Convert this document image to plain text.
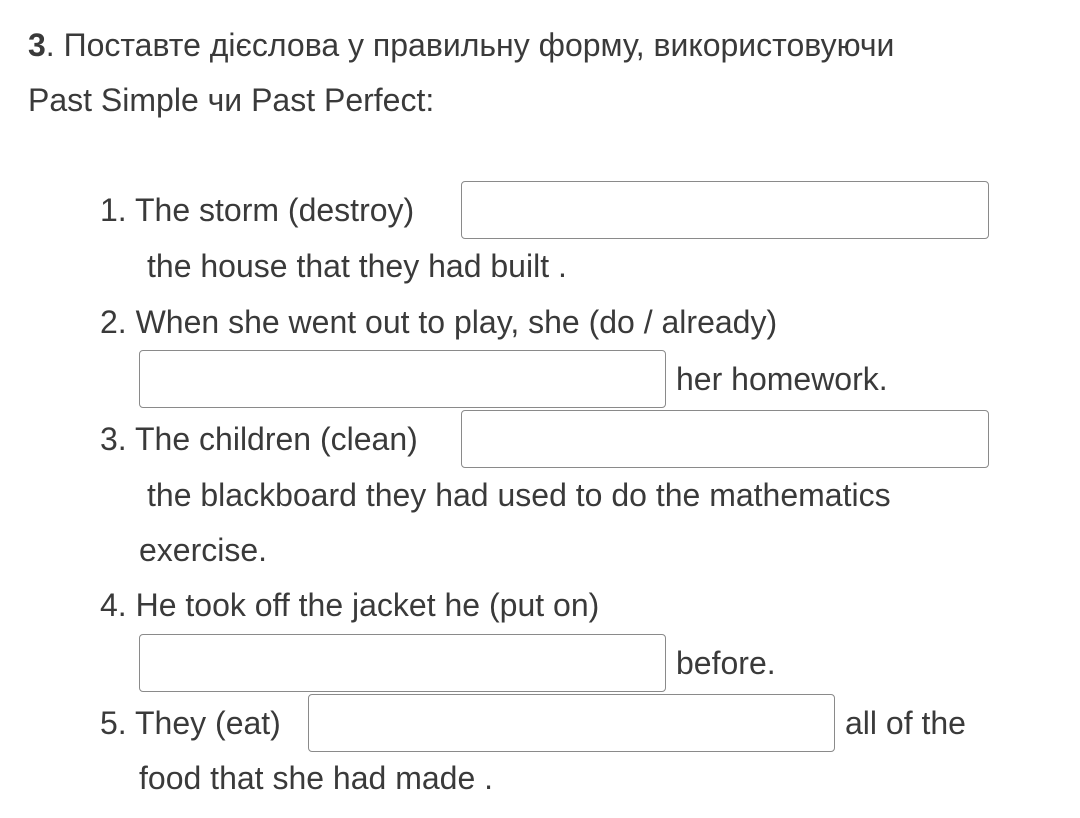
3. Поставте дієслова у правильну форму, використовуючи
Past Simple чи Past Perfect:
1. The storm (destroy)
the house that they had built .
2. When she went out to play, she (do / already)
her homework.
3. The children (clean)
the blackboard they had used to do the mathematics
exercise.
4. He took off the jacket he (put on)
before.
5. They (eat)	all of the
food that she had made .
